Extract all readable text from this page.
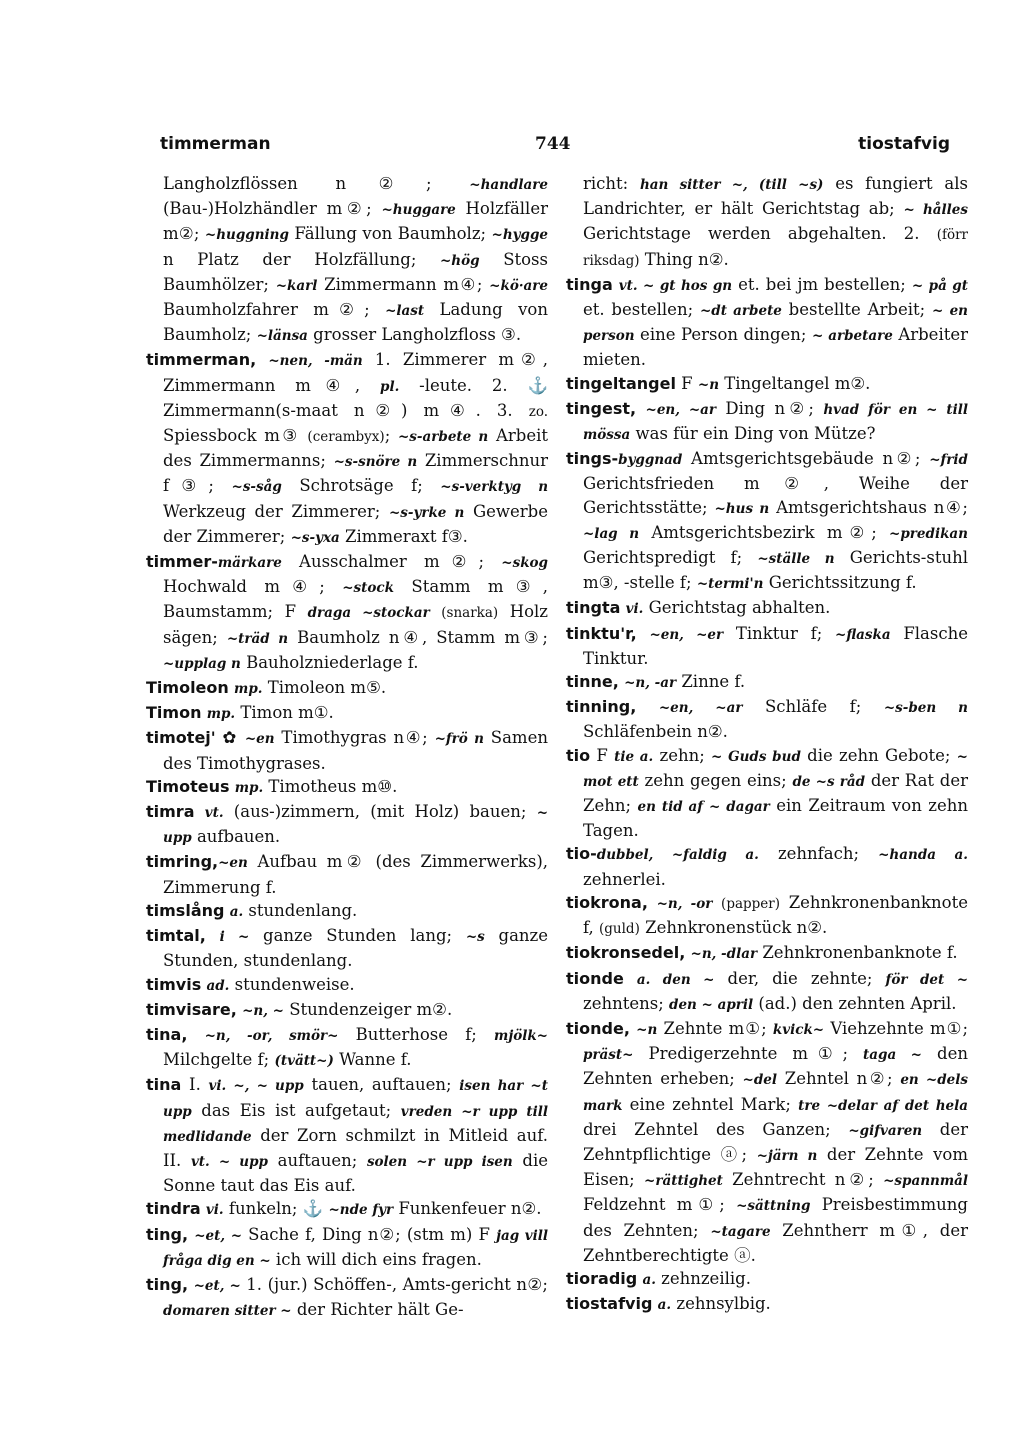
timmerman	744	tiostafvig

Langholzflössen n②; ~handlare (Bau-)Holzhändler m②; ~huggare Holzfäller m②; ~huggning Fällung von Baumholz; ~hygge n Platz der Holzfällung; ~hög Stoss Baumhölzer; ~karl Zimmermann m④; ~kö·are Baumholzfahrer m②; ~last Ladung von Baumholz; ~länsa grosser Langholzfloss ③.

timmerman, ~nen, -män 1. Zimmerer m②, Zimmermann m④, pl. -leute. 2. ⚓ Zimmermann(s-maat n②) m④. 3. zo. Spiessbock m③ (cerambyx); ~s-arbete n Arbeit des Zimmermanns; ~s-snöre n Zimmerschnur f③; ~s-såg Schrotsäge f; ~s-verktyg n Werkzeug der Zimmerer; ~s-yrke n Gewerbe der Zimmerer; ~s-yxa Zimmeraxt f③.

timmer-märkare Ausschalmer m②; ~skog Hochwald m④; ~stock Stamm m③, Baumstamm; F draga ~stockar (snarka) Holz sägen; ~träd n Baumholz n④, Stamm m③; ~upplag n Bauholzniederlage f.

Timoleon mp. Timoleon m⑤.

Timon mp. Timon m①.

timotej' ✿ ~en Timothygras n④; ~frö n Samen des Timothygrases.

Timoteus mp. Timotheus m⑩.

timra vt. (aus-)zimmern, (mit Holz) bauen; ~ upp aufbauen.

timring,~en Aufbau m② (des Zimmerwerks), Zimmerung f.

timslång a. stundenlang.

timtal, i ~ ganze Stunden lang; ~s ganze Stunden, stundenlang.

timvis ad. stundenweise.

timvisare, ~n, ~ Stundenzeiger m②.

tina, ~n, -or, smör~ Butterhose f; mjölk~ Milchgelte f; (tvätt~) Wanne f.

tina I. vi. ~, ~ upp tauen, auftauen; isen har ~t upp das Eis ist aufgetaut; vreden ~r upp till medlidande der Zorn schmilzt in Mitleid auf. II. vt. ~ upp auftauen; solen ~r upp isen die Sonne taut das Eis auf.

tindra vi. funkeln; ⚓ ~nde fyr Funkenfeuer n②.

ting, ~et, ~ Sache f, Ding n②; (stm m) F jag vill fråga dig en ~ ich will dich eins fragen.

ting, ~et, ~ 1. (jur.) Schöffen-, Amts-gericht n②; domaren sitter ~ der Richter hält Ge-

richt: han sitter ~, (till ~s) es fungiert als Landrichter, er hält Gerichtstag ab; ~ hålles Gerichtstage werden abgehalten. 2. (förr riksdag) Thing n②.

tinga vt. ~ gt hos gn et. bei jm bestellen; ~ på gt et. bestellen; ~dt arbete bestellte Arbeit; ~ en person eine Person dingen; ~ arbetare Arbeiter mieten.

tingeltangel F ~n Tingeltangel m②.

tingest, ~en, ~ar Ding n②; hvad för en ~ till mössa was für ein Ding von Mütze?

tings-byggnad Amtsgerichtsgebäude n②; ~frid Gerichtsfrieden m②, Weihe der Gerichtsstätte; ~hus n Amtsgerichtshaus n④; ~lag n Amtsgerichtsbezirk m②; ~predikan Gerichtspredigt f; ~ställe n Gerichts-stuhl m③, -stelle f; ~termi'n Gerichtssitzung f.

tingta vi. Gerichtstag abhalten.

tinktu'r, ~en, ~er Tinktur f; ~flaska Flasche Tinktur.

tinne, ~n, -ar Zinne f.

tinning, ~en, ~ar Schläfe f; ~s-ben n Schläfenbein n②.

tio F tie a. zehn; ~ Guds bud die zehn Gebote; ~ mot ett zehn gegen eins; de ~s råd der Rat der Zehn; en tid af ~ dagar ein Zeitraum von zehn Tagen.

tio-dubbel, ~faldig a. zehnfach; ~handa a. zehnerlei.

tiokrona, ~n, -or (papper) Zehnkronenbanknote f, (guld) Zehnkronenstück n②.

tiokronsedel, ~n, -dlar Zehnkronenbanknote f.

tionde a. den ~ der, die zehnte; för det ~ zehntens; den ~ april (ad.) den zehnten April.

tionde, ~n Zehnte m①; kvick~ Viehzehnte m①; präst~ Predigerzehnte m①; taga ~ den Zehnten erheben; ~del Zehntel n②; en ~dels mark eine zehntel Mark; tre ~delar af det hela drei Zehntel des Ganzen; ~gifvaren der Zehntpflichtige ⓐ; ~järn n der Zehnte vom Eisen; ~rättighet Zehntrecht n②; ~spannmål Feldzehnt m①; ~sättning Preisbestimmung des Zehnten; ~tagare Zehntherr m①, der Zehntberechtigte ⓐ.

tioradig a. zehnzeilig.

tiostafvig a. zehnsylbig.
